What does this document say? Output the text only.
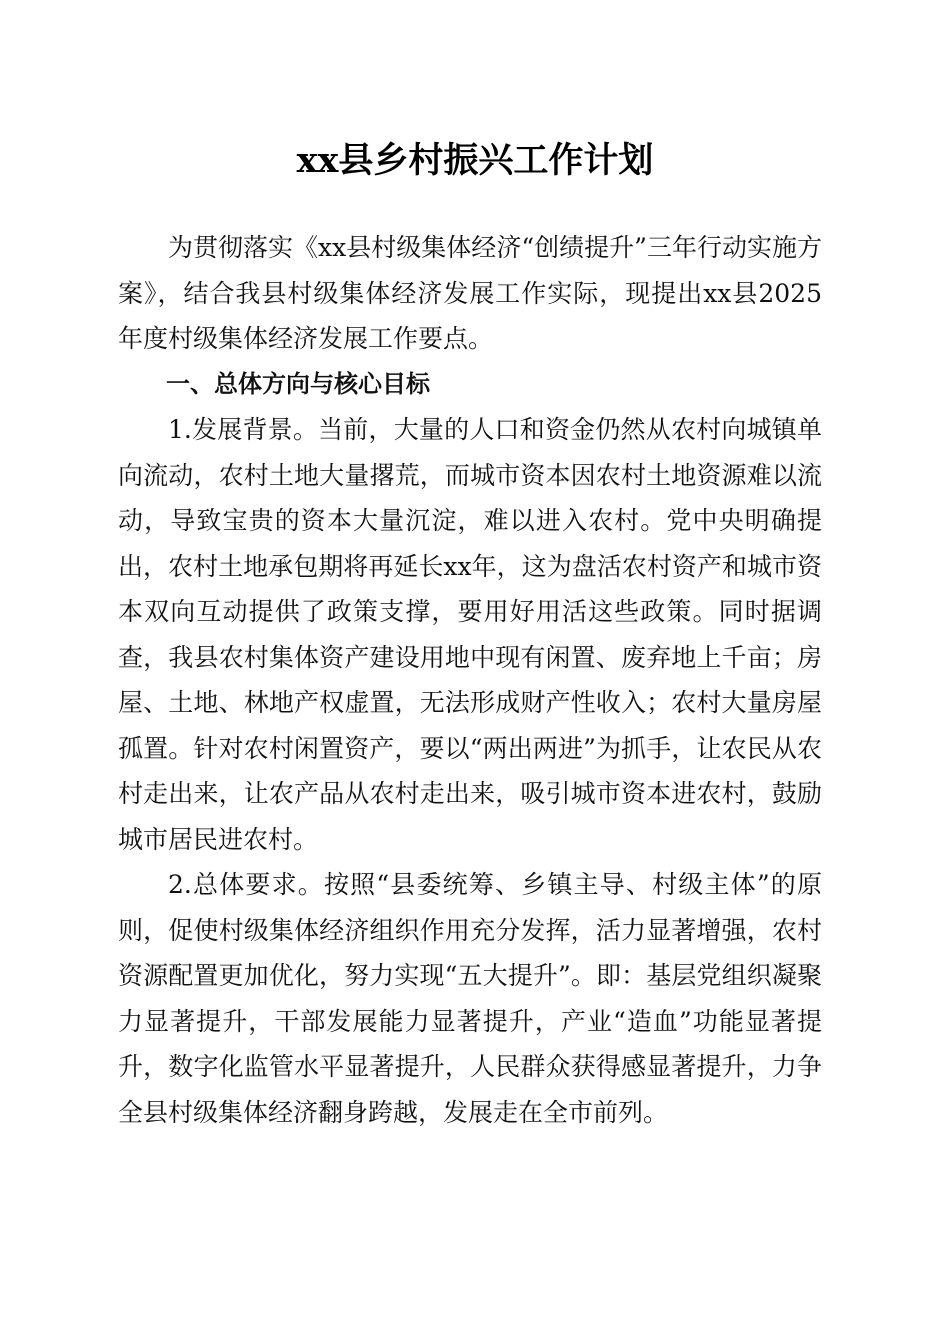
xx县乡村振兴工作计划

为贯彻落实《xx县村级集体经济“创绩提升”三年行动实施方案》，结合我县村级集体经济发展工作实际，现提出xx县2025年度村级集体经济发展工作要点。

一、总体方向与核心目标

1.发展背景。当前，大量的人口和资金仍然从农村向城镇单向流动，农村土地大量撂荒，而城市资本因农村土地资源难以流动，导致宝贵的资本大量沉淀，难以进入农村。党中央明确提出，农村土地承包期将再延长xx年，这为盘活农村资产和城市资本双向互动提供了政策支撑，要用好用活这些政策。同时据调查，我县农村集体资产建设用地中现有闲置、废弃地上千亩；房屋、土地、林地产权虚置，无法形成财产性收入；农村大量房屋孤置。针对农村闲置资产，要以“两出两进”为抓手，让农民从农村走出来，让农产品从农村走出来，吸引城市资本进农村，鼓励城市居民进农村。

2.总体要求。按照“县委统筹、乡镇主导、村级主体”的原则，促使村级集体经济组织作用充分发挥，活力显著增强，农村资源配置更加优化，努力实现“五大提升”。即：基层党组织凝聚力显著提升，干部发展能力显著提升，产业“造血”功能显著提升，数字化监管水平显著提升，人民群众获得感显著提升，力争全县村级集体经济翻身跨越，发展走在全市前列。
